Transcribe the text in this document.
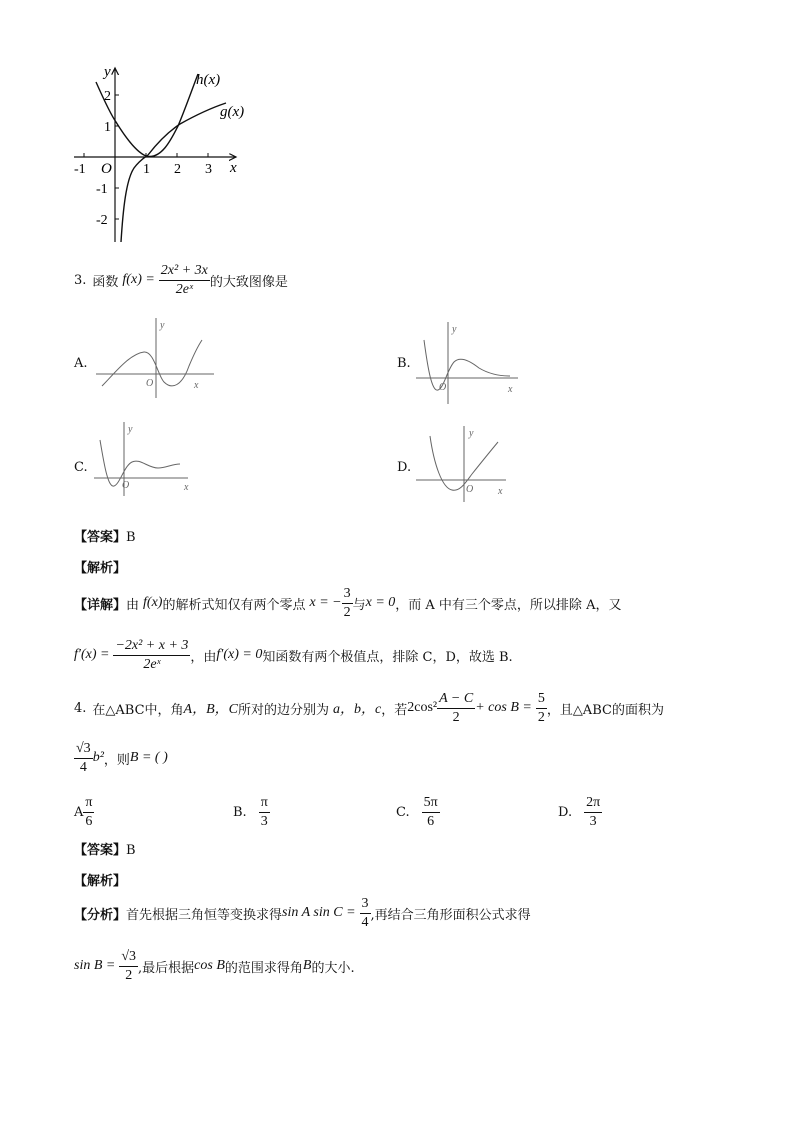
y
x
O
-1	1 2 3
2
1
-1
-2
h(x)
g(x)
3. 函数 $f(x) = \frac{\text{2x² + 3x}}{\text{2eˣ}}$ 的大致图像是
A.
y
x
O
B.
y
x
O
C.
y
x
O
D.
y
x
O
【答案】B
【解析】
【详解】 由 f(x) 的解析式知仅有两个零点 x = − $\frac{3}{2}$ 与 x = 0 ，而 A 中有三个零点，所以排除 A，又
$f'(x) = \frac{\text{−2x² + x + 3}}{\text{2eˣ}}$ ，由 f′(x) = 0 知函数有两个极值点，排除 C，D，故选 B.
4. 在△ABC中，角 A，B，C 所对的边分别为 a，b，c ，若 $2\cos^2 \frac{A - C}{2} + \cos B = \frac{5}{2}$ ，且△ABC的面积为
$\frac{√3}{4} b^2$ ，则 B = ( )
A $\frac{\pi}{6}$	B. $\frac{\pi}{3}$	C. $\frac{5\pi}{6}$	D. $\frac{2\pi}{3}$
【答案】B
【解析】
【分析】 首先根据三角恒等变换求得 sin A $\sin C = \frac{3}{4}$ ,再结合三角形面积公式求得
$\sin B = \frac{√3}{2}$ ,最后根据 cos B 的范围求得角 B 的大小.
